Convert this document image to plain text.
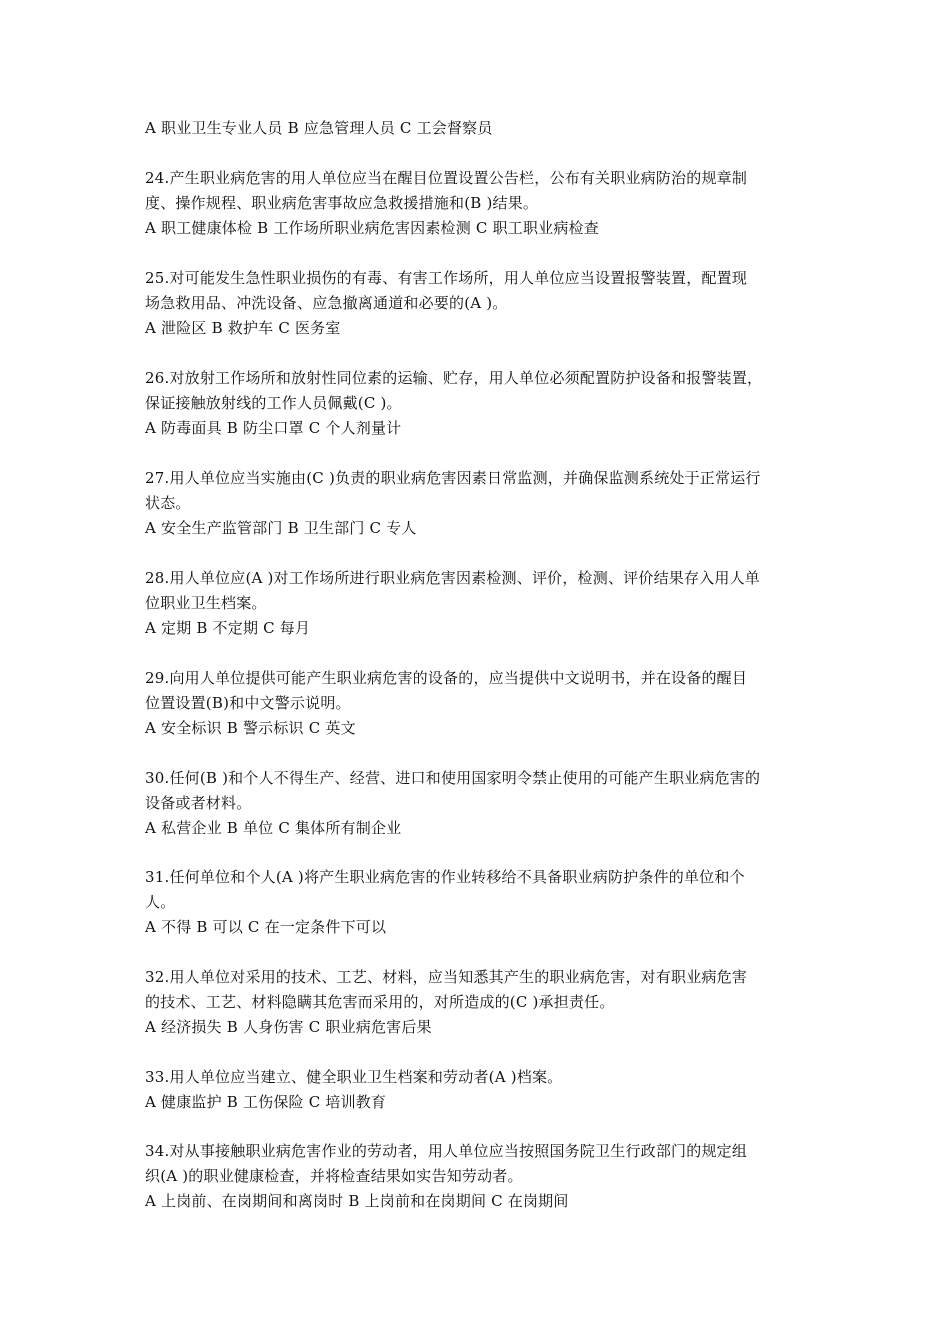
A 职业卫生专业人员 B 应急管理人员 C 工会督察员
24.产生职业病危害的用人单位应当在醒目位置设置公告栏，公布有关职业病防治的规章制
度、操作规程、职业病危害事故应急救援措施和(B )结果。
A 职工健康体检 B 工作场所职业病危害因素检测 C 职工职业病检查
25.对可能发生急性职业损伤的有毒、有害工作场所，用人单位应当设置报警装置，配置现
场急救用品、冲洗设备、应急撤离通道和必要的(A )。
A 泄险区 B 救护车 C 医务室
26.对放射工作场所和放射性同位素的运输、贮存，用人单位必须配置防护设备和报警装置，
保证接触放射线的工作人员佩戴(C )。
A 防毒面具 B 防尘口罩 C 个人剂量计
27.用人单位应当实施由(C )负责的职业病危害因素日常监测，并确保监测系统处于正常运行
状态。
A 安全生产监管部门 B 卫生部门 C 专人
28.用人单位应(A )对工作场所进行职业病危害因素检测、评价，检测、评价结果存入用人单
位职业卫生档案。
A 定期 B 不定期 C 每月
29.向用人单位提供可能产生职业病危害的设备的，应当提供中文说明书，并在设备的醒目
位置设置(B)和中文警示说明。
A 安全标识 B 警示标识 C 英文
30.任何(B )和个人不得生产、经营、进口和使用国家明令禁止使用的可能产生职业病危害的
设备或者材料。
A 私营企业 B 单位 C 集体所有制企业
31.任何单位和个人(A )将产生职业病危害的作业转移给不具备职业病防护条件的单位和个
人。
A 不得 B 可以 C 在一定条件下可以
32.用人单位对采用的技术、工艺、材料，应当知悉其产生的职业病危害，对有职业病危害
的技术、工艺、材料隐瞒其危害而采用的，对所造成的(C )承担责任。
A 经济损失 B 人身伤害 C 职业病危害后果
33.用人单位应当建立、健全职业卫生档案和劳动者(A )档案。
A 健康监护 B 工伤保险 C 培训教育
34.对从事接触职业病危害作业的劳动者，用人单位应当按照国务院卫生行政部门的规定组
织(A )的职业健康检查，并将检查结果如实告知劳动者。
A 上岗前、在岗期间和离岗时 B 上岗前和在岗期间 C 在岗期间
